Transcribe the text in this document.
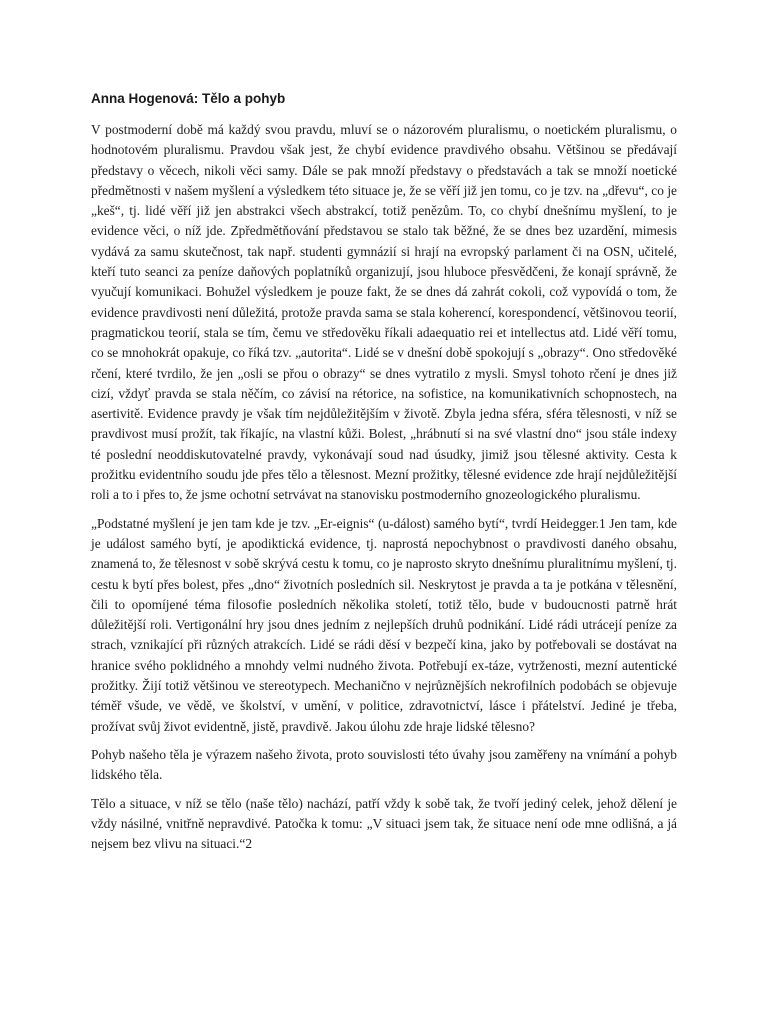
Anna Hogenová: Tělo a pohyb

V postmoderní době má každý svou pravdu, mluví se o názorovém pluralismu, o noetickém pluralismu, o hodnotovém pluralismu. Pravdou však jest, že chybí evidence pravdivého obsahu. Většinou se předávají představy o věcech, nikoli věci samy. Dále se pak množí představy o představách a tak se množí noetické předmětnosti v našem myšlení a výsledkem této situace je, že se věří již jen tomu, co je tzv. na „dřevu“, co je „keš“, tj. lidé věří již jen abstrakci všech abstrakcí, totiž penězům. To, co chybí dnešnímu myšlení, to je evidence věci, o níž jde. Zpředmětňování představou se stalo tak běžné, že se dnes bez uzardění, mimesis vydává za samu skutečnost, tak např. studenti gymnázií si hrají na evropský parlament či na OSN, učitelé, kteří tuto seanci za peníze daňových poplatníků organizují, jsou hluboce přesvědčeni, že konají správně, že vyučují komunikaci. Bohužel výsledkem je pouze fakt, že se dnes dá zahrát cokoli, což vypovídá o tom, že evidence pravdivosti není důležitá, protože pravda sama se stala koherencí, korespondencí, většinovou teorií, pragmatickou teorií, stala se tím, čemu ve středověku říkali adaequatio rei et intellectus atd. Lidé věří tomu, co se mnohokrát opakuje, co říká tzv. „autorita“. Lidé se v dnešní době spokojují s „obrazy“. Ono středověké rčení, které tvrdilo, že jen „osli se přou o obrazy“ se dnes vytratilo z mysli. Smysl tohoto rčení je dnes již cizí, vždyť pravda se stala něčím, co závisí na rétorice, na sofistice, na komunikativních schopnostech, na asertivitě. Evidence pravdy je však tím nejdůležitějším v životě. Zbyla jedna sféra, sféra tělesnosti, v níž se pravdivost musí prožít, tak říkajíc, na vlastní kůži. Bolest, „hrábnutí si na své vlastní dno“ jsou stále indexy té poslední neoddiskutovatelné pravdy, vykonávají soud nad úsudky, jimiž jsou tělesné aktivity. Cesta k prožitku evidentního soudu jde přes tělo a tělesnost. Mezní prožitky, tělesné evidence zde hrají nejdůležitější roli a to i přes to, že jsme ochotní setrvávat na stanovisku postmoderního gnozeologického pluralismu.

„Podstatné myšlení je jen tam kde je tzv. „Er-eignis“ (u-dálost) samého bytí“, tvrdí Heidegger.1 Jen tam, kde je událost samého bytí, je apodiktická evidence, tj. naprostá nepochybnost o pravdivosti daného obsahu, znamená to, že tělesnost v sobě skrývá cestu k tomu, co je naprosto skryto dnešnímu pluralitnímu myšlení, tj. cestu k bytí přes bolest, přes „dno“ životních posledních sil. Neskrytost je pravda a ta je potkána v tělesnění, čili to opomíjené téma filosofie posledních několika století, totiž tělo, bude v budoucnosti patrně hrát důležitější roli. Vertigonální hry jsou dnes jedním z nejlepších druhů podnikání. Lidé rádi utrácejí peníze za strach, vznikající při různých atrakcích. Lidé se rádi děsí v bezpečí kina, jako by potřebovali se dostávat na hranice svého poklidného a mnohdy velmi nudného života. Potřebují ex-táze, vytrženosti, mezní autentické prožitky. Žijí totiž většinou ve stereotypech. Mechanično v nejrůznějších nekrofilních podobách se objevuje téměř všude, ve vědě, ve školství, v umění, v politice, zdravotnictví, lásce i přátelství. Jediné je třeba, prožívat svůj život evidentně, jistě, pravdivě. Jakou úlohu zde hraje lidské tělesno?

Pohyb našeho těla je výrazem našeho života, proto souvislosti této úvahy jsou zaměřeny na vnímání a pohyb lidského těla.

Tělo a situace, v níž se tělo (naše tělo) nachází, patří vždy k sobě tak, že tvoří jediný celek, jehož dělení je vždy násilné, vnitřně nepravdivé. Patočka k tomu: „V situaci jsem tak, že situace není ode mne odlišná, a já nejsem bez vlivu na situaci.“2
